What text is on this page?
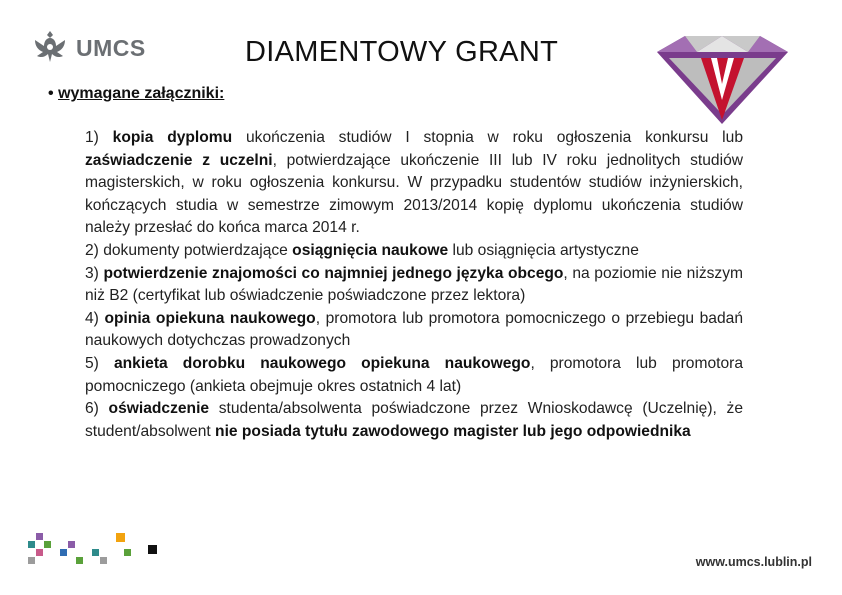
UMCS	DIAMENTOWY GRANT
• wymagane załączniki:

1) kopia dyplomu ukończenia studiów I stopnia w roku ogłoszenia konkursu lub zaświadczenie z uczelni, potwierdzające ukończenie III lub IV roku jednolitych studiów magisterskich, w roku ogłoszenia konkursu. W przypadku studentów studiów inżynierskich, kończących studia w semestrze zimowym 2013/2014 kopię dyplomu ukończenia studiów należy przesłać do końca marca 2014 r.

2) dokumenty potwierdzające osiągnięcia naukowe lub osiągnięcia artystyczne

3) potwierdzenie znajomości co najmniej jednego języka obcego, na poziomie nie niższym niż B2 (certyfikat lub oświadczenie poświadczone przez lektora)

4) opinia opiekuna naukowego, promotora lub promotora pomocniczego o przebiegu badań naukowych dotychczas prowadzonych

5) ankieta dorobku naukowego opiekuna naukowego, promotora lub promotora pomocniczego (ankieta obejmuje okres ostatnich 4 lat)

6) oświadczenie studenta/absolwenta poświadczone przez Wnioskodawcę (Uczelnię), że student/absolwent nie posiada tytułu zawodowego magister lub jego odpowiednika

www.umcs.lublin.pl
